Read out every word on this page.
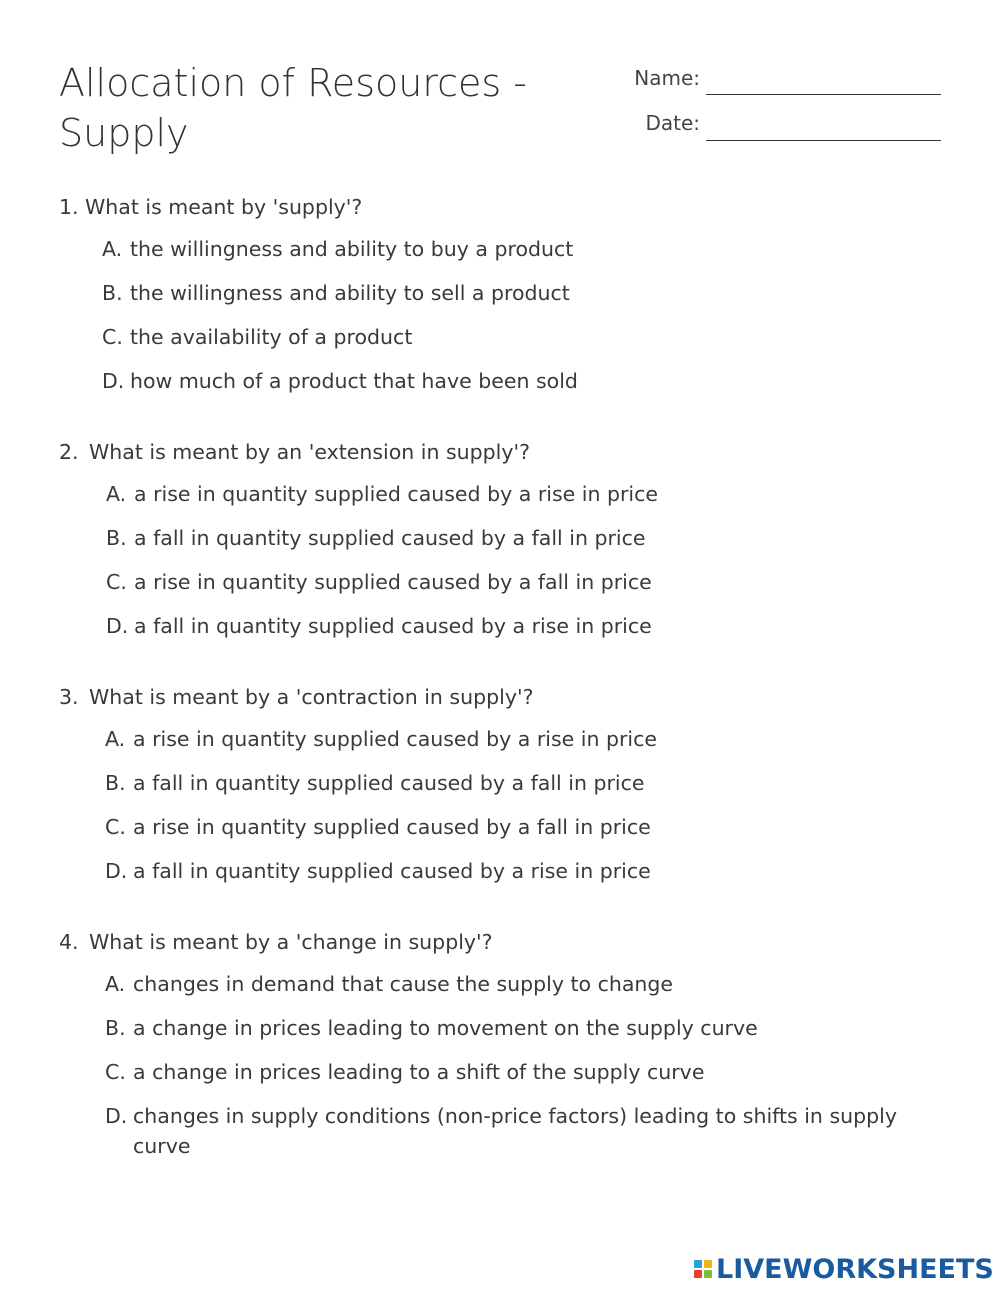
Allocation of Resources - Supply
Name:
Date:
1. What is meant by 'supply'?
A. the willingness and ability to buy a product
B. the willingness and ability to sell a product
C. the availability of a product
D. how much of a product that have been sold
2. What is meant by an 'extension in supply'?
A. a rise in quantity supplied caused by a rise in price
B. a fall in quantity supplied caused by a fall in price
C. a rise in quantity supplied caused by a fall in price
D. a fall in quantity supplied caused by a rise in price
3. What is meant by a 'contraction in supply'?
A. a rise in quantity supplied caused by a rise in price
B. a fall in quantity supplied caused by a fall in price
C. a rise in quantity supplied caused by a fall in price
D. a fall in quantity supplied caused by a rise in price
4. What is meant by a 'change in supply'?
A. changes in demand that cause the supply to change
B. a change in prices leading to movement on the supply curve
C. a change in prices leading to a shift of the supply curve
D. changes in supply conditions (non-price factors) leading to shifts in supply curve
LIVEWORKSHEETS
